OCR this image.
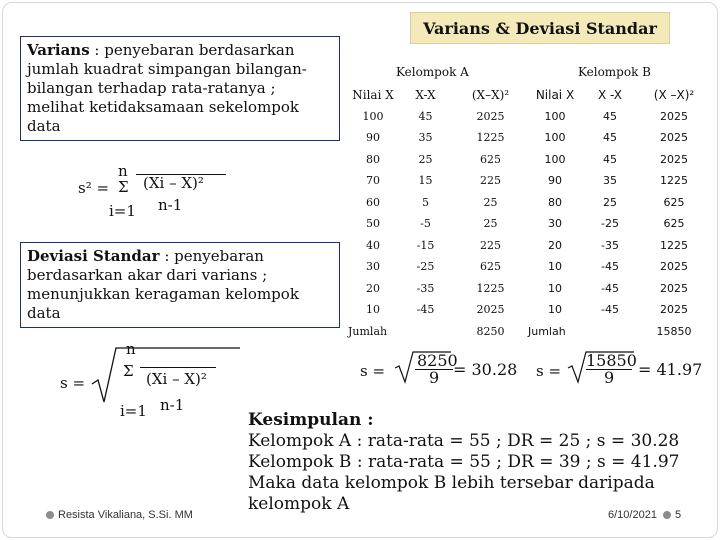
Varians & Deviasi Standar
Varians : penyebaran berdasarkan jumlah kuadrat simpangan bilangan-bilangan terhadap rata-ratanya ; melihat ketidaksamaan sekelompok data
n
s² = Σ (Xi – X)²
n-1
i=1
Deviasi Standar : penyebaran berdasarkan akar dari varians ; menunjukkan keragaman kelompok data
s =
n
Σ (Xi – X)²
n-1
i=1
Kelompok A	Kelompok B
Nilai X	X-X	(X–X)²
100	45	2025
90	35	1225
80	25	625
70	15	225
60	5	25
50	-5	25
40	-15	225
30	-25	625
20	-35	1225
10	-45	2025
Jumlah		8250
Nilai X	X -X	(X –X)²
100	45	2025
100	45	2025
100	45	2025
90	35	1225
80	25	625
30	-25	625
20	-35	1225
10	-45	2025
10	-45	2025
10	-45	2025
Jumlah		15850
s =
8250
9 = 30.28 s =
15850
9 = 41.97
Kesimpulan :
Kelompok A : rata-rata = 55 ; DR = 25 ; s = 30.28
Kelompok B : rata-rata = 55 ; DR = 39 ; s = 41.97
Maka data kelompok B lebih tersebar daripada
kelompok A
Resista Vikaliana, S.Si. MM	6/10/2021 5
